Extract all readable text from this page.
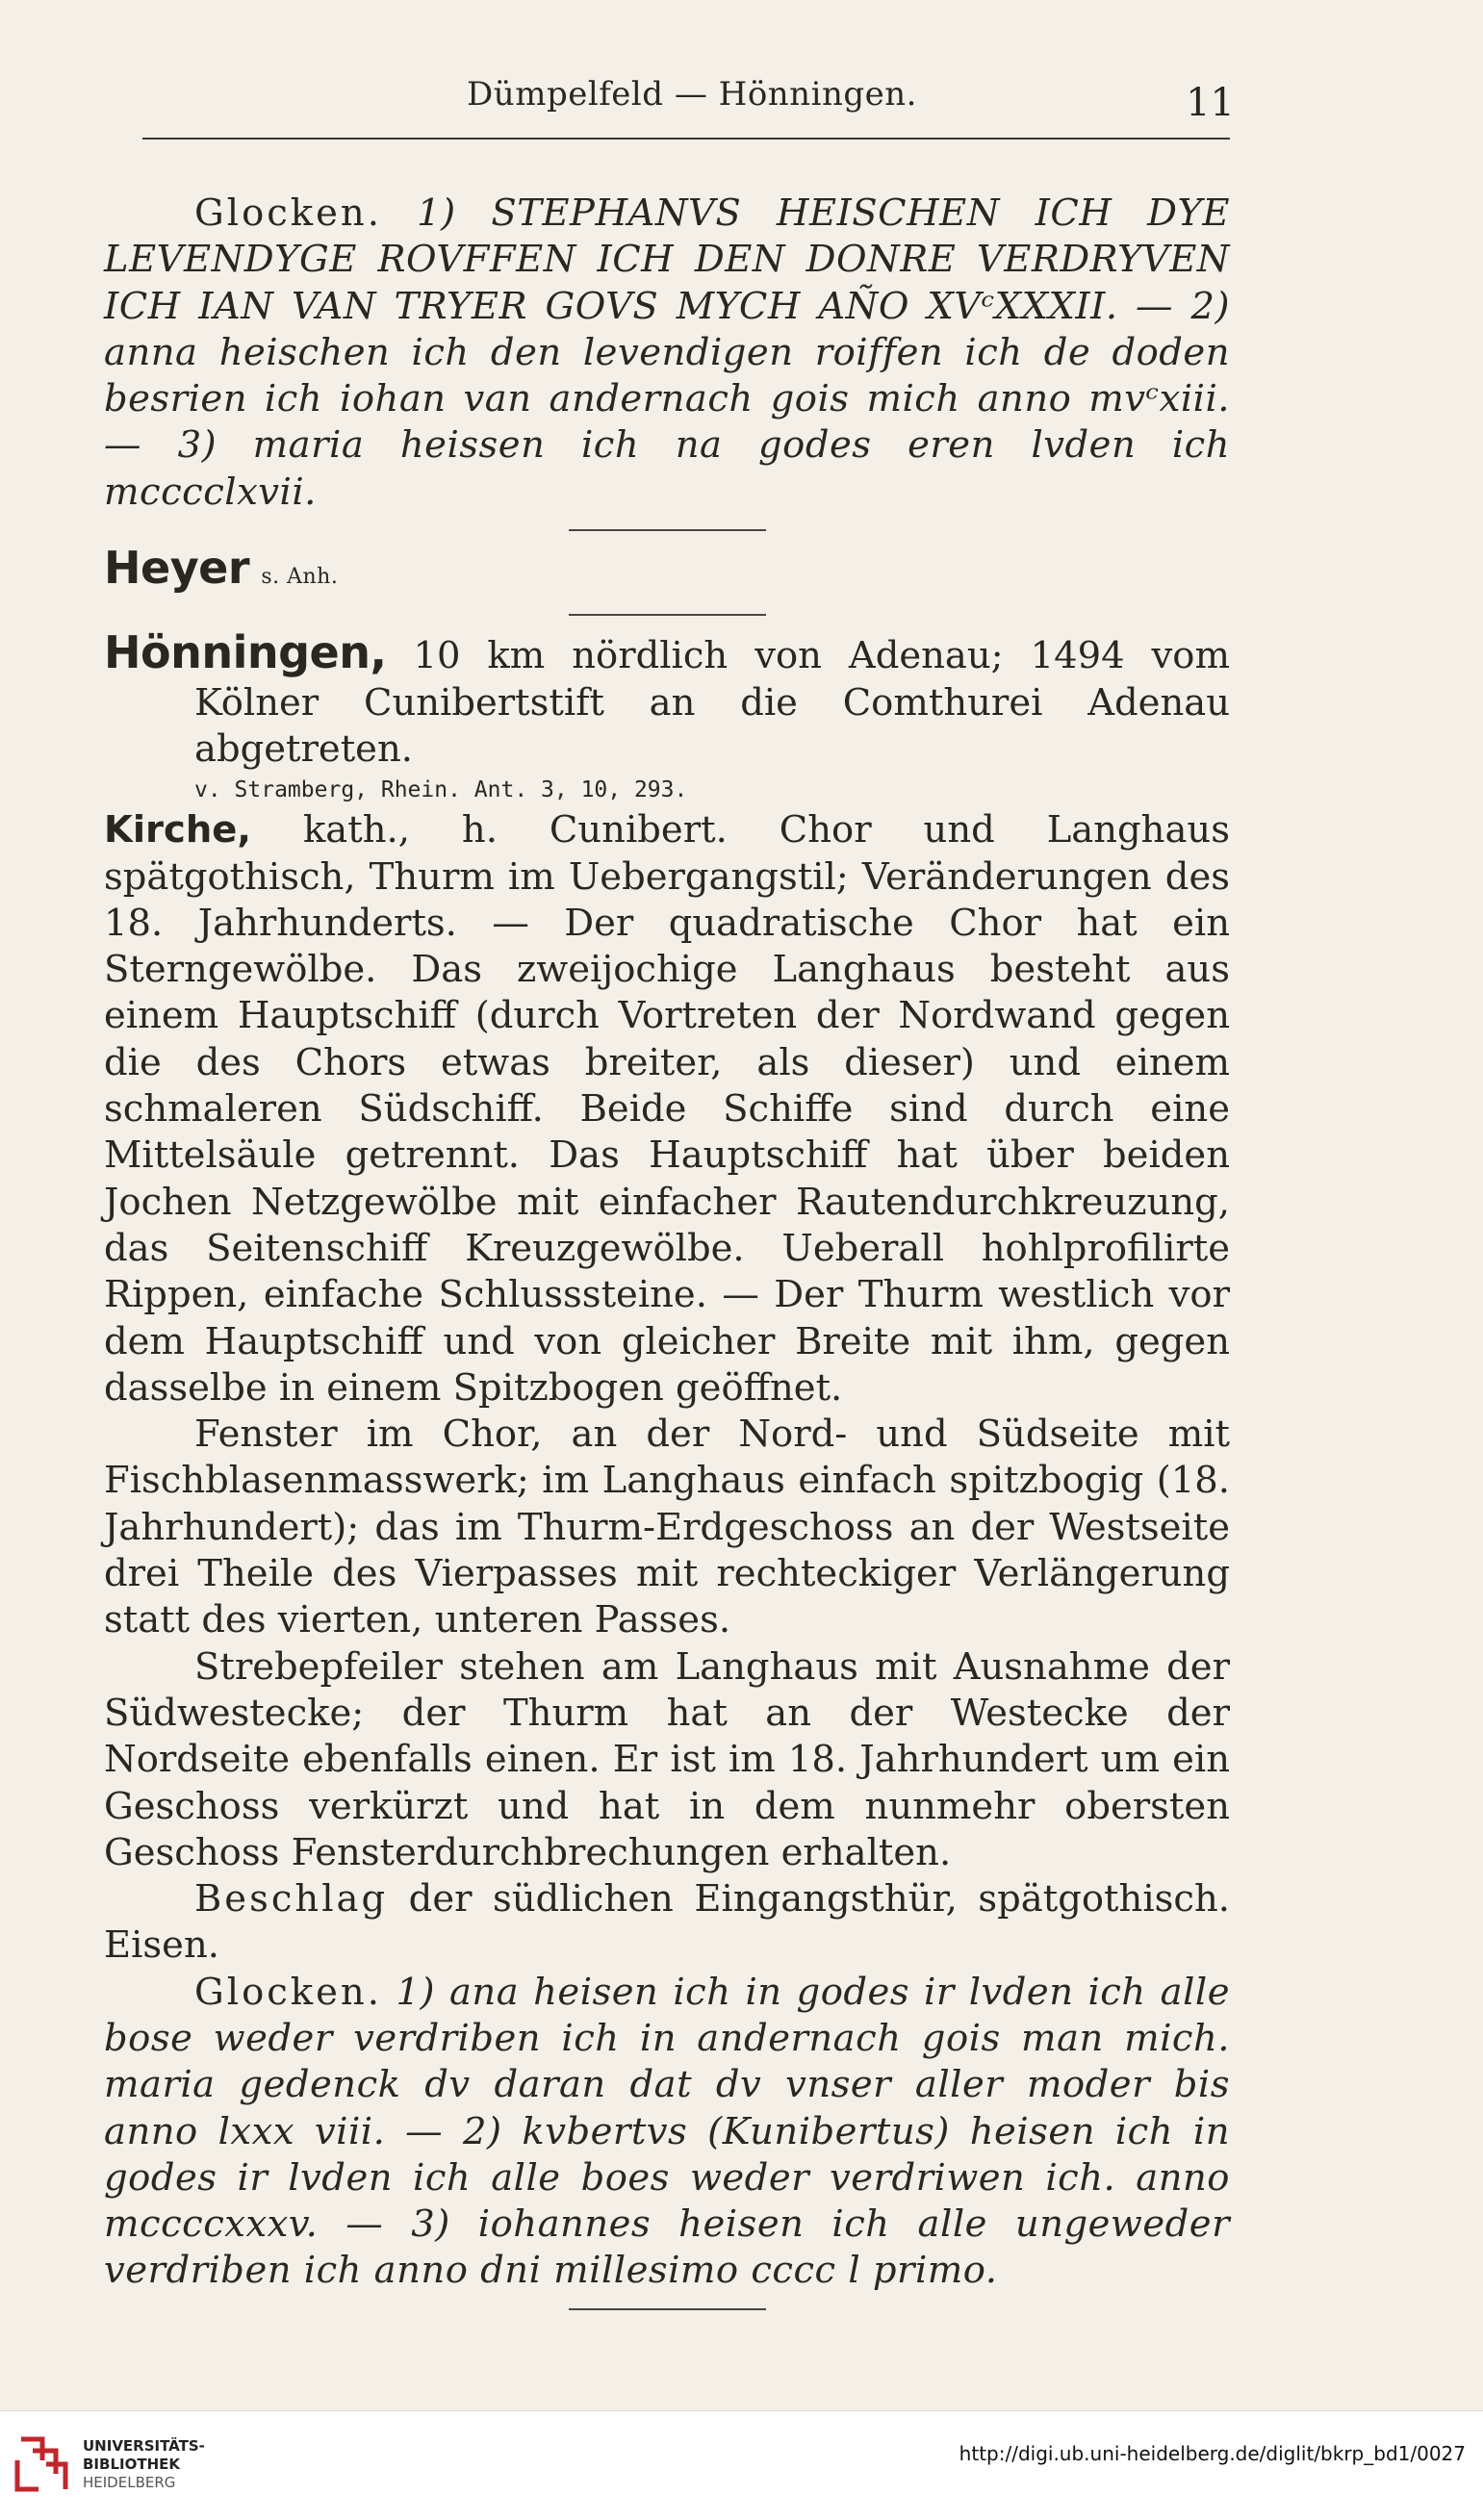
Dümpelfeld — Hönningen.	11

Glocken. 1) STEPHANVS HEISCHEN ICH DYE LEVENDYGE ROVFFEN ICH DEN DONRE VERDRYVEN ICH IAN VAN TRYER GOVS MYCH AÑO XVᶜXXXII. — 2) anna heischen ich den levendigen roiffen ich de doden besrien ich iohan van andernach gois mich anno mvᶜxiii. — 3) maria heissen ich na godes eren lvden ich mcccclxvii.

Heyer s. Anh.

Hönningen, 10 km nördlich von Adenau; 1494 vom Kölner Cunibertstift an die Comthurei Adenau abgetreten.

v. Stramberg, Rhein. Ant. 3, 10, 293.

Kirche, kath., h. Cunibert. Chor und Langhaus spätgothisch, Thurm im Uebergangstil; Veränderungen des 18. Jahrhunderts. — Der quadratische Chor hat ein Sterngewölbe. Das zweijochige Langhaus besteht aus einem Hauptschiff (durch Vortreten der Nordwand gegen die des Chors etwas breiter, als dieser) und einem schmaleren Südschiff. Beide Schiffe sind durch eine Mittelsäule getrennt. Das Hauptschiff hat über beiden Jochen Netzgewölbe mit einfacher Rautendurchkreuzung, das Seitenschiff Kreuzgewölbe. Ueberall hohlprofilirte Rippen, einfache Schlusssteine. — Der Thurm westlich vor dem Hauptschiff und von gleicher Breite mit ihm, gegen dasselbe in einem Spitzbogen geöffnet.

Fenster im Chor, an der Nord- und Südseite mit Fischblasenmasswerk; im Langhaus einfach spitzbogig (18. Jahrhundert); das im Thurm-Erdgeschoss an der Westseite drei Theile des Vierpasses mit rechteckiger Verlängerung statt des vierten, unteren Passes.

Strebepfeiler stehen am Langhaus mit Ausnahme der Südwestecke; der Thurm hat an der Westecke der Nordseite ebenfalls einen. Er ist im 18. Jahrhundert um ein Geschoss verkürzt und hat in dem nunmehr obersten Geschoss Fensterdurchbrechungen erhalten.

Beschlag der südlichen Eingangsthür, spätgothisch. Eisen.

Glocken. 1) ana heisen ich in godes ir lvden ich alle bose weder verdriben ich in andernach gois man mich. maria gedenck dv daran dat dv vnser aller moder bis anno lxxx viii. — 2) kvbertvs (Kunibertus) heisen ich in godes ir lvden ich alle boes weder verdriwen ich. anno mccccxxxv. — 3) iohannes heisen ich alle ungeweder verdriben ich anno dni millesimo cccc l primo.

UNIVERSITÄTS-
BIBLIOTHEK
HEIDELBERG
http://digi.ub.uni-heidelberg.de/diglit/bkrp_bd1/0027
